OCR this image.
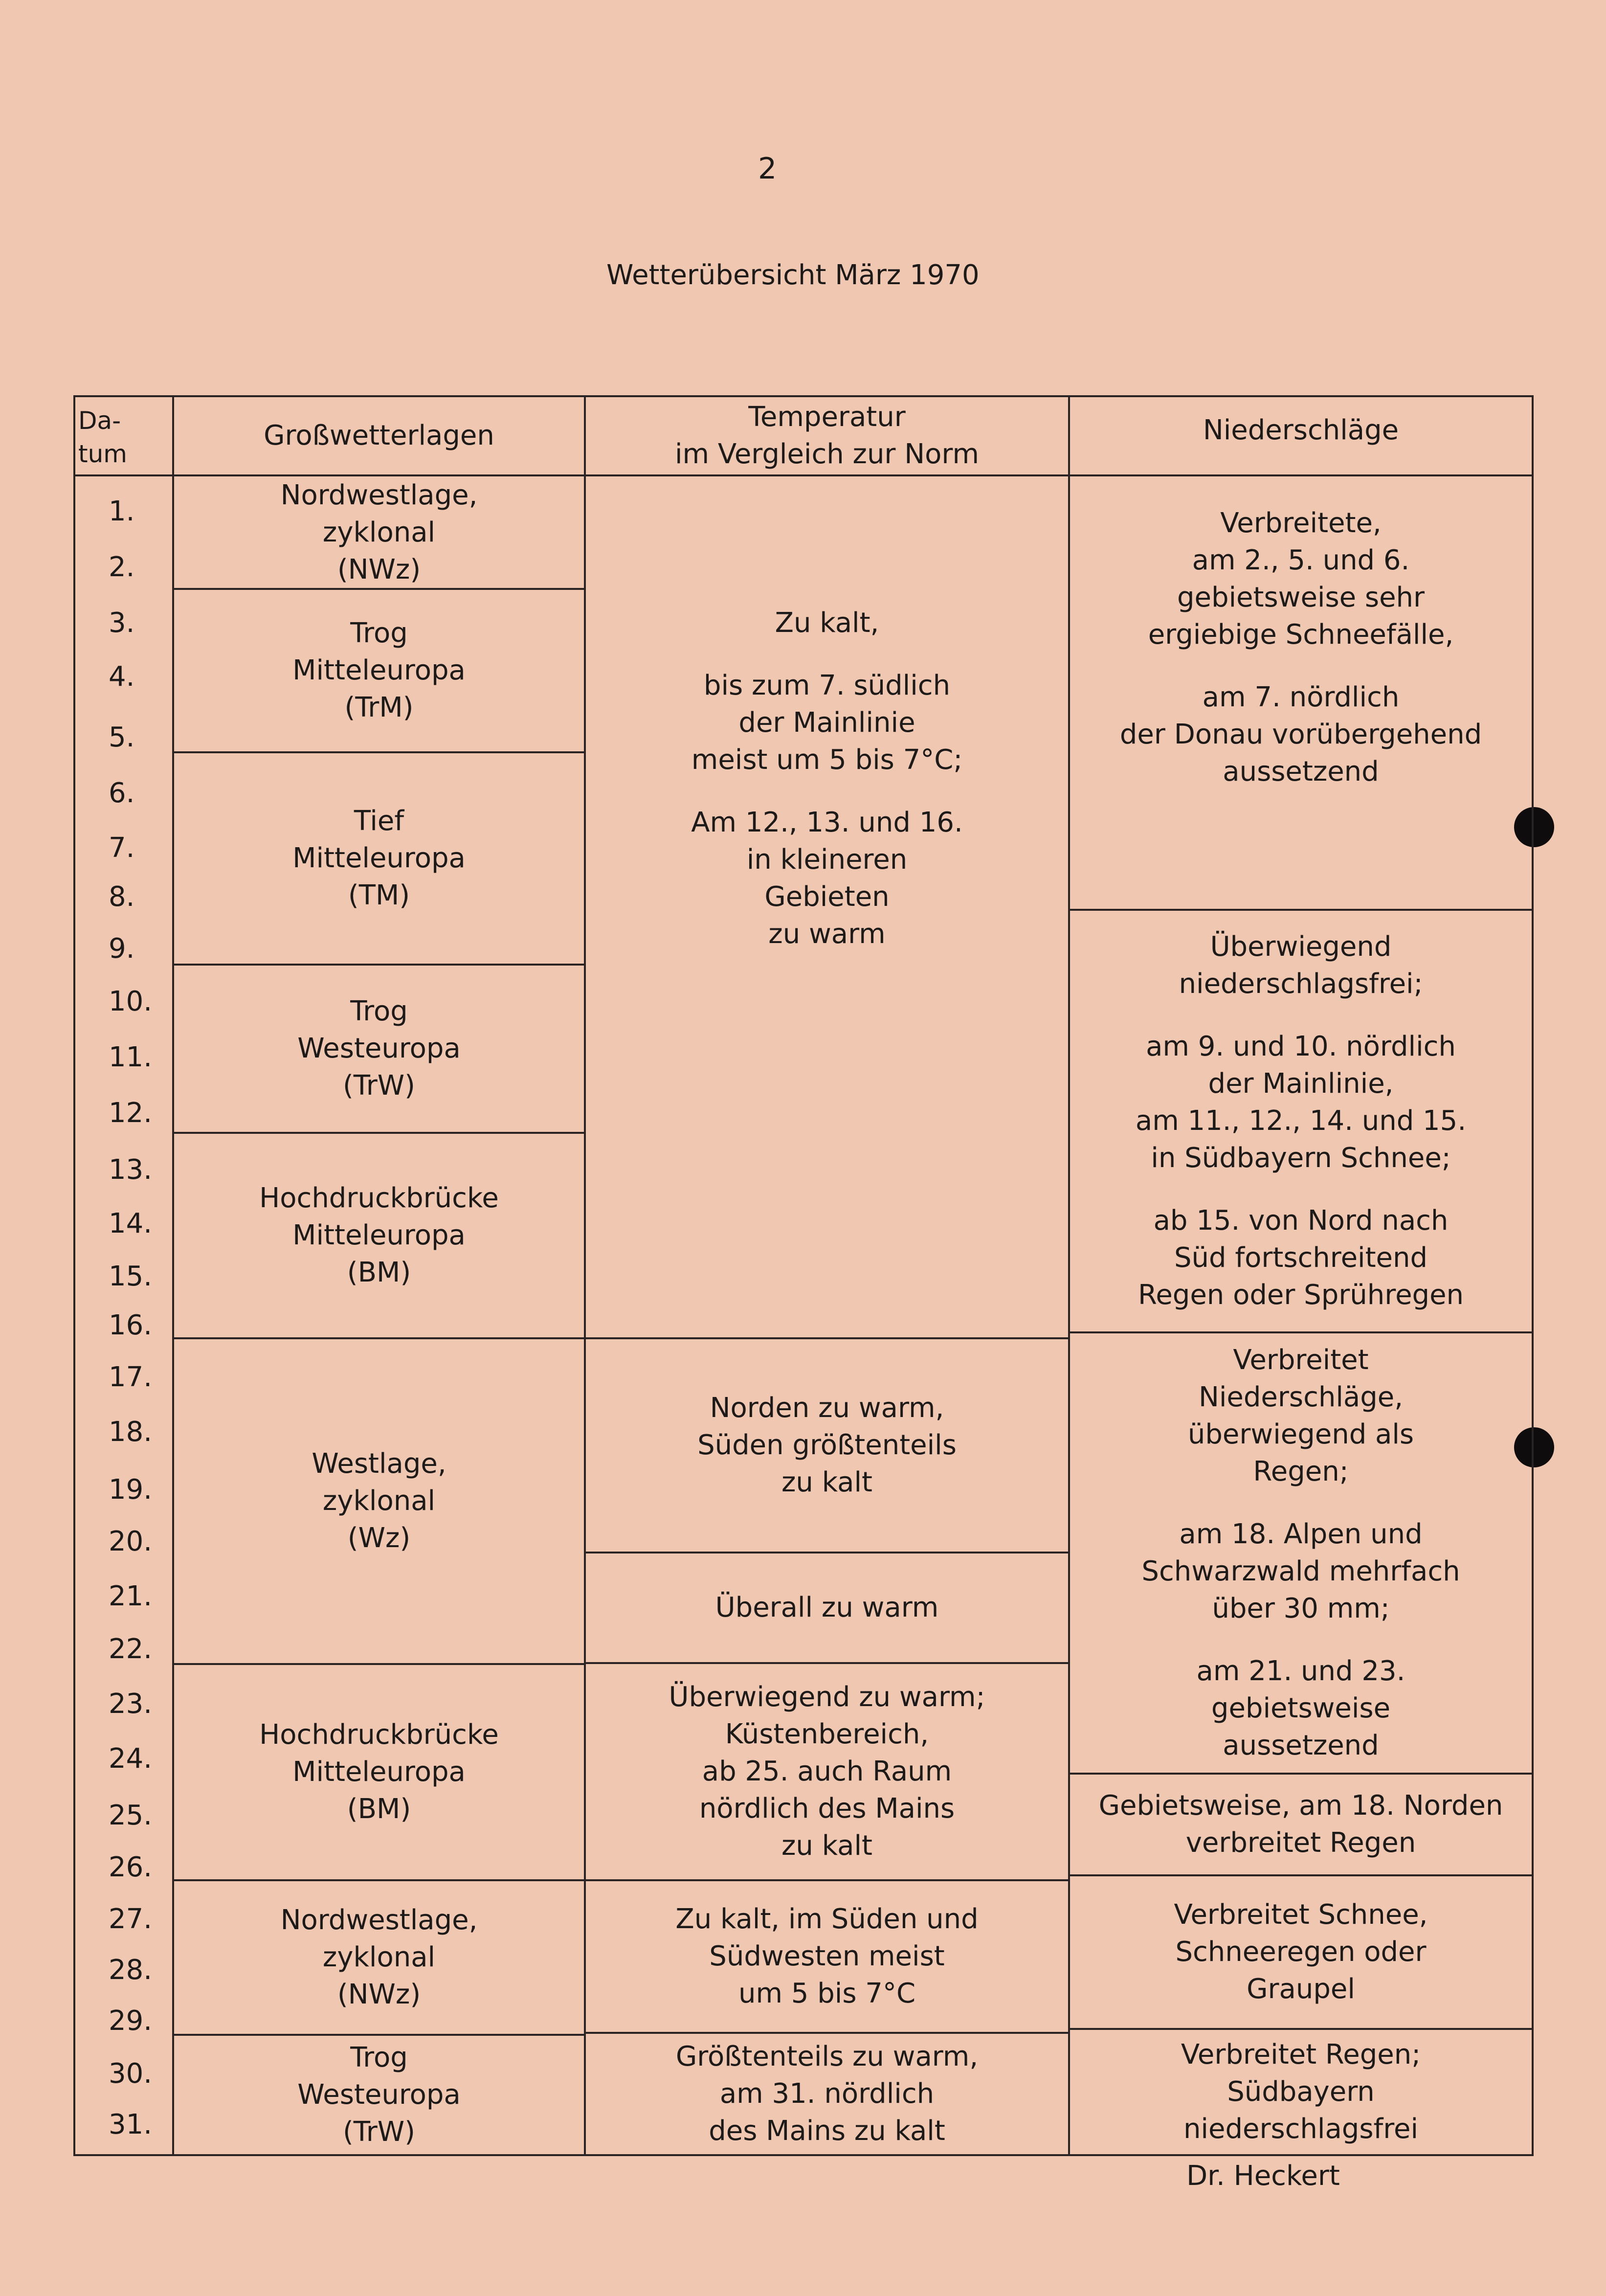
2
Wetterübersicht März 1970
Da-
tum
Großwetterlagen
Temperatur
im Vergleich zur Norm
Niederschläge
1.
2.
3.
4.
5.
6.
7.
8.
9.
10.
11.
12.
13.
14.
15.
16.
17.
18.
19.
20.
21.
22.
23.
24.
25.
26.
27.
28.
29.
30.
31.
Nordwestlage,
zyklonal
(NWz)
Trog
Mitteleuropa
(TrM)
Tief
Mitteleuropa
(TM)
Trog
Westeuropa
(TrW)
Hochdruckbrücke
Mitteleuropa
(BM)
Westlage,
zyklonal
(Wz)
Hochdruckbrücke
Mitteleuropa
(BM)
Nordwestlage,
zyklonal
(NWz)
Trog
Westeuropa
(TrW)
Zu kalt,
bis zum 7. südlich
der Mainlinie
meist um 5 bis 7°C;
Am 12., 13. und 16.
in kleineren
Gebieten
zu warm
Norden zu warm,
Süden größtenteils
zu kalt
Überall zu warm
Überwiegend zu warm;
Küstenbereich,
ab 25. auch Raum
nördlich des Mains
zu kalt
Zu kalt, im Süden und
Südwesten meist
um 5 bis 7°C
Größtenteils zu warm,
am 31. nördlich
des Mains zu kalt
Verbreitete,
am 2., 5. und 6.
gebietsweise sehr
ergiebige Schneefälle,
am 7. nördlich
der Donau vorübergehend
aussetzend
Überwiegend
niederschlagsfrei;
am 9. und 10. nördlich
der Mainlinie,
am 11., 12., 14. und 15.
in Südbayern Schnee;
ab 15. von Nord nach
Süd fortschreitend
Regen oder Sprühregen
Verbreitet
Niederschläge,
überwiegend als
Regen;
am 18. Alpen und
Schwarzwald mehrfach
über 30 mm;
am 21. und 23.
gebietsweise
aussetzend
Gebietsweise, am 18. Norden
verbreitet Regen
Verbreitet Schnee,
Schneeregen oder
Graupel
Verbreitet Regen;
Südbayern
niederschlagsfrei
Dr. Heckert
